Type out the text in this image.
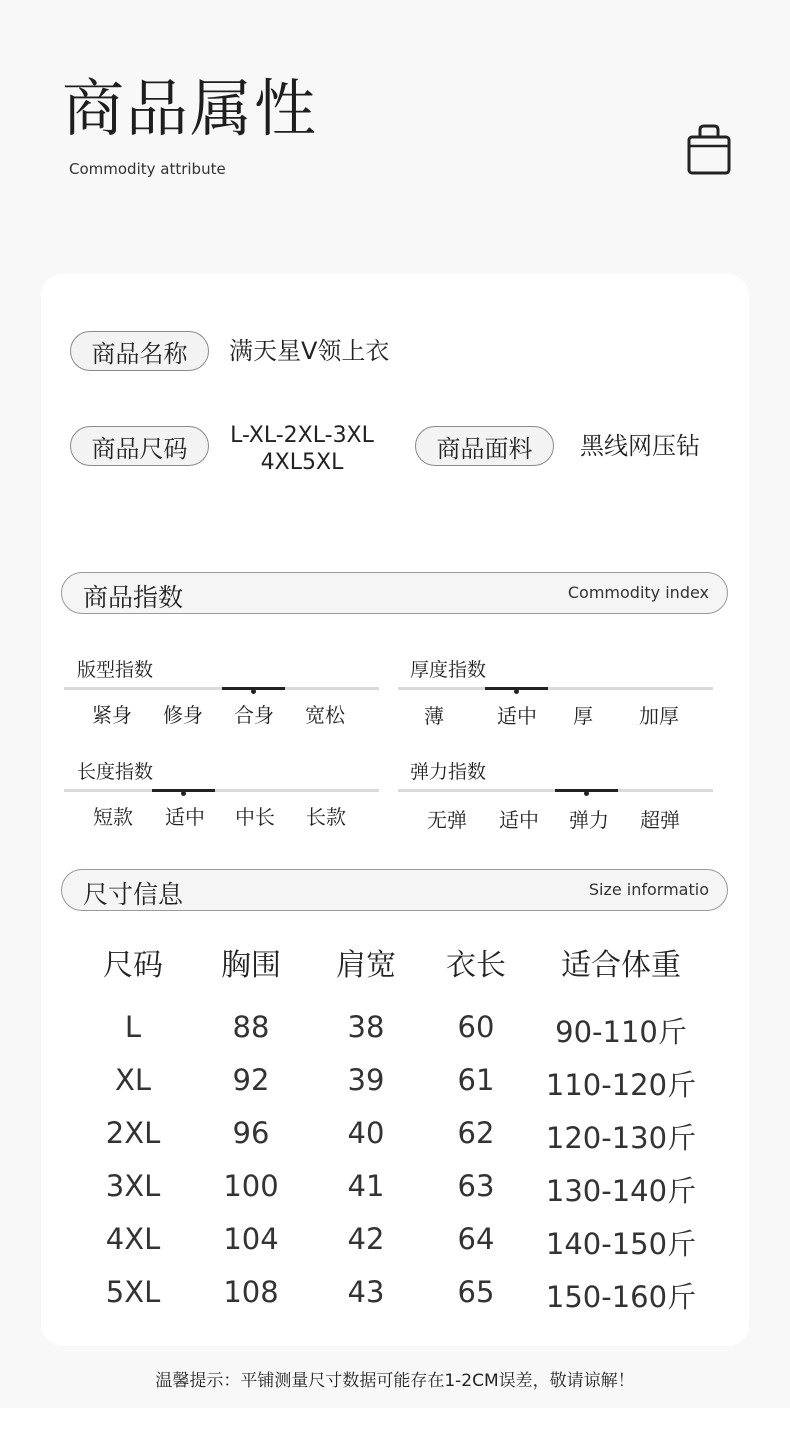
商品属性
Commodity attribute
商品名称	满天星V领上衣
商品尺码	L-XL-2XL-3XL
4XL5XL	商品面料	黑线网压钻
商品指数	Commodity index
版型指数
紧身	修身	合身	宽松
厚度指数
薄	适中	厚	加厚
长度指数
短款	适中	中长	长款
弹力指数
无弹	适中	弹力	超弹
尺寸信息	Size informatio
尺码	胸围	肩宽	衣长	适合体重
L	88	38	60	90-110斤
XL	92	39	61	110-120斤
2XL	96	40	62	120-130斤
3XL	100	41	63	130-140斤
4XL	104	42	64	140-150斤
5XL	108	43	65	150-160斤
温馨提示：平铺测量尺寸数据可能存在1-2CM误差，敬请谅解！
